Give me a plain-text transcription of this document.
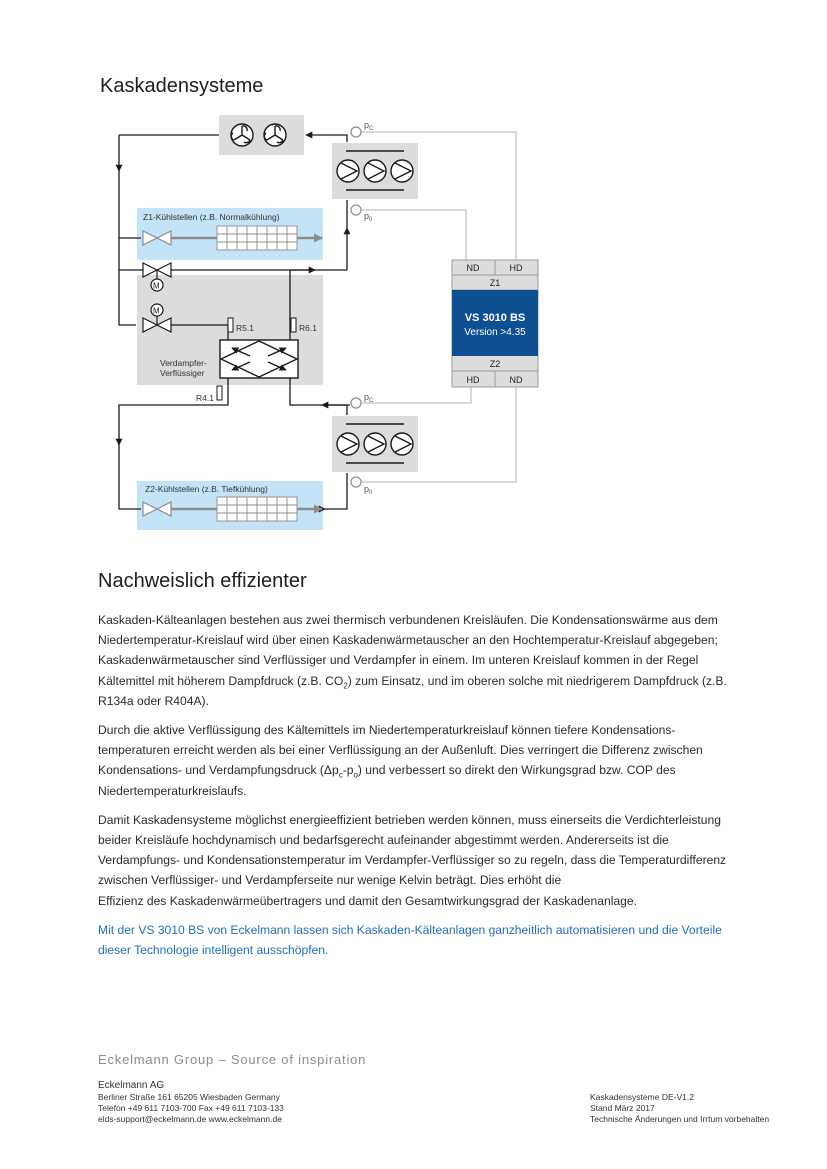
Kaskadensysteme
$p_C$
$p_0$
$p_C$
$p_0$
Z1-Kühlstellen (z.B. Normalkühlung)
Z2-Kühlstellen (z.B. Tiefkühlung)
M
M
Verdampfer-Verflüssiger
R5.1	R6.1
R4.1
ND	HD
Z1
VS 3010 BS
Version >4.35
Z2
HD	ND
Nachweislich effizienter

Kaskaden-Kälteanlagen bestehen aus zwei thermisch verbundenen Kreisläufen. Die Kondensationswärme aus dem
Niedertemperatur-Kreislauf wird über einen Kaskadenwärmetauscher an den Hochtemperatur-Kreislauf abgegeben;
Kaskadenwärmetauscher sind Verflüssiger und Verdampfer in einem. Im unteren Kreislauf kommen in der Regel
Kältemittel mit höherem Dampfdruck (z.B. $CO_2$) zum Einsatz, und im oberen solche mit niedrigerem Dampfdruck (z.B.
R134a oder R404A).

Durch die aktive Verflüssigung des Kältemittels im Niedertemperaturkreislauf können tiefere Kondensations-
temperaturen erreicht werden als bei einer Verflüssigung an der Außenluft. Dies verringert die Differenz zwischen
Kondensations- und Verdampfungsdruck $(\Delta p_c-p_o)$ und verbessert so direkt den Wirkungsgrad bzw. COP des
Niedertemperaturkreislaufs.

Damit Kaskadensysteme möglichst energieeffizient betrieben werden können, muss einerseits die Verdichterleistung
beider Kreisläufe hochdynamisch und bedarfsgerecht aufeinander abgestimmt werden. Andererseits ist die
Verdampfungs- und Kondensationstemperatur im Verdampfer-Verflüssiger so zu regeln, dass die Temperaturdifferenz
zwischen Verflüssiger- und Verdampferseite nur wenige Kelvin beträgt. Dies erhöht die
Effizienz des Kaskadenwärmeübertragers und damit den Gesamtwirkungsgrad der Kaskadenanlage.

Mit der VS 3010 BS von Eckelmann lassen sich Kaskaden-Kälteanlagen ganzheitlich automatisieren und die Vorteile
dieser Technologie intelligent ausschöpfen.

Eckelmann Group – Source of inspiration
Eckelmann AG
Berliner Straße 161 65205 Wiesbaden Germany
Telefon +49 611 7103-700 Fax +49 611 7103-133
elds-support@eckelmann.de www.eckelmann.de
Kaskadensysteme DE-V1.2
Stand März 2017
Technische Änderungen und Irrtum vorbehalten
